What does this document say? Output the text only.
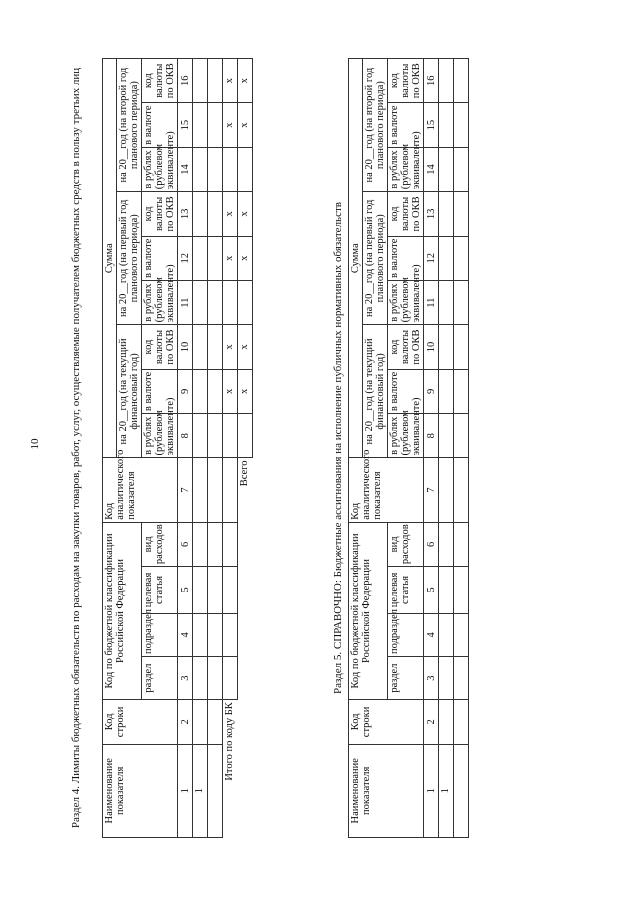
10	Раздел 4. Лимиты бюджетных обязательств по расходам на закупки товаров, работ, услуг, осуществляемые получателем бюджетных средств в пользу третьих лиц Наименование показателя	Код строки	Код по бюджетной классификации Российской Федерации				Код аналитического показателя	Сумма								
							на 20__год (на текущий финансовый год)			на 20__год (на первый год планового периода)			на 20__год (на второй год планового периода)		
		раздел	подраздел	целевая статья	вид расходов		в рублях (рублевом эквиваленте)	в валюте	код валюты по ОКВ	в рублях (рублевом эквиваленте)	в валюте	код валюты по ОКВ	в рублях (рублевом эквиваленте)	в валюте	код валюты по ОКВ

1	2	3	4	5	6	7	8	9	10	11	12	13	14	15	16
1															

Итого по коду БК								x	x		x	x		x	x
Всего								x	x		x	x		x	x
Раздел 5. СПРАВОЧНО: Бюджетные ассигнования на исполнение публичных нормативных обязательств
Наименование показателя	Код строки	Код по бюджетной классификации Российской Федерации				Код аналитического показателя	Сумма								
							на 20__год (на текущий финансовый год)			на 20__год (на первый год планового периода)			на 20__год (на второй год планового периода)		
		раздел	подраздел	целевая статья	вид расходов		в рублях (рублевом эквиваленте)	в валюте	код валюты по ОКВ	в рублях (рублевом эквиваленте)	в валюте	код валюты по ОКВ	в рублях (рублевом эквиваленте)	в валюте	код валюты по ОКВ

1	2	3	4	5	6	7	8	9	10	11	12	13	14	15	16
1															
